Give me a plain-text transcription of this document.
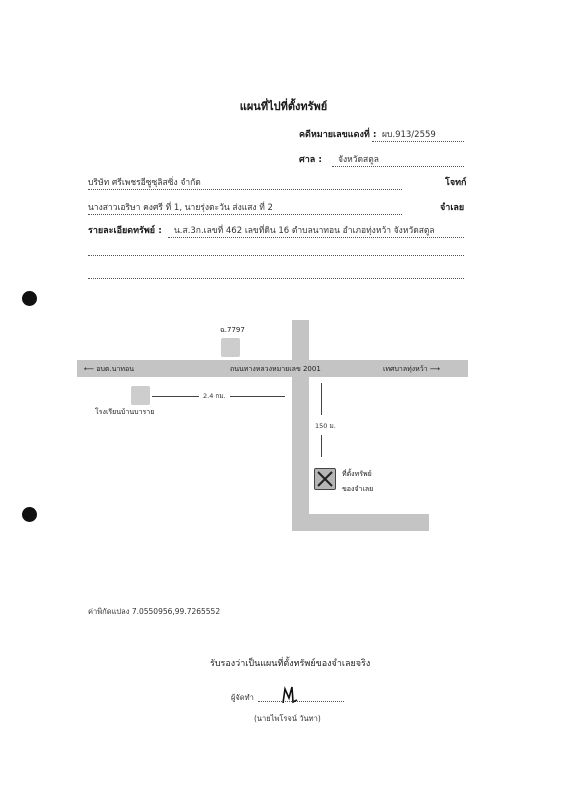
แผนที่ไปที่ตั้งทรัพย์
คดีหมายเลขแดงที่ : ผบ.913/2559
ศาล :	จังหวัดสตูล
บริษัท ศรีเพชรอีซูซุลิสซิ่ง จำกัด	โจทก์
นางสาวเอริษา คงศรี ที่ 1, นายรุ่งตะวัน ส่งแสง ที่ 2	จำเลย
รายละเอียดทรัพย์ :	น.ส.3ก.เลขที่ 462 เลขที่ดิน 16 ตำบลนาทอน อำเภอทุ่งหว้า จังหวัดสตูล
ฉ.7797
⟵ อบต.นาทอน	ถนนทางหลวงหมายเลข 2001	เทศบาลทุ่งหว้า ⟶
โรงเรียนบ้านบาราย
2.4 กม.
150 ม.
ที่ตั้งทรัพย์
ของจำเลย
ค่าพิกัดแปลง 7.0550956,99.7265552
รับรองว่าเป็นแผนที่ตั้งทรัพย์ของจำเลยจริง
ผู้จัดทำ
(นายไพโรจน์ วันทา)
